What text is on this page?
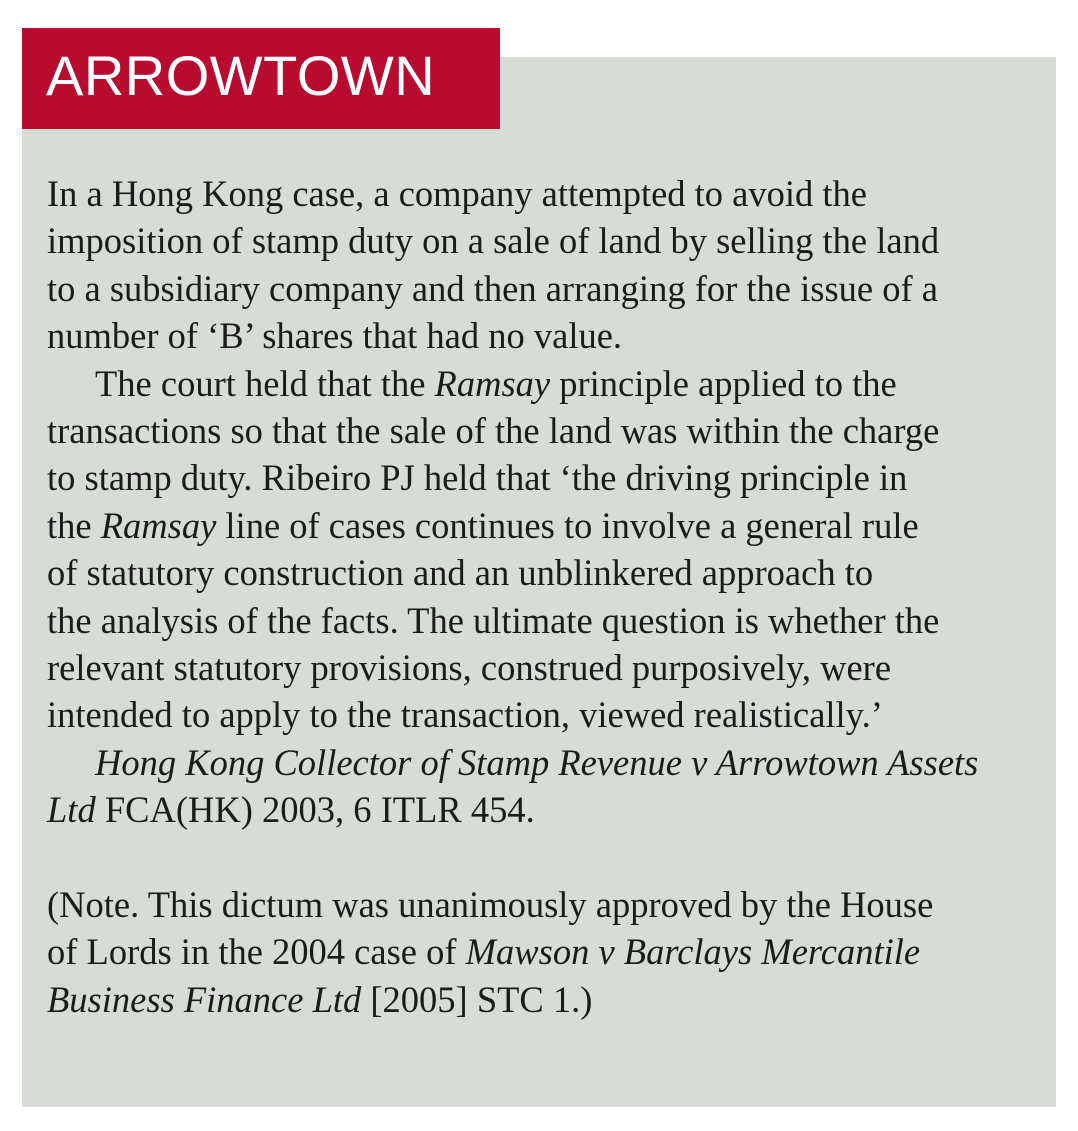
ARROWTOWN
In a Hong Kong case, a company attempted to avoid the
imposition of stamp duty on a sale of land by selling the land
to a subsidiary company and then arranging for the issue of a
number of ‘B’ shares that had no value.
The court held that the Ramsay principle applied to the
transactions so that the sale of the land was within the charge
to stamp duty. Ribeiro PJ held that ‘the driving principle in
the Ramsay line of cases continues to involve a general rule
of statutory construction and an unblinkered approach to
the analysis of the facts. The ultimate question is whether the
relevant statutory provisions, construed purposively, were
intended to apply to the transaction, viewed realistically.’
Hong Kong Collector of Stamp Revenue v Arrowtown Assets
Ltd FCA(HK) 2003, 6 ITLR 454.
(Note. This dictum was unanimously approved by the House
of Lords in the 2004 case of Mawson v Barclays Mercantile
Business Finance Ltd [2005] STC 1.)
